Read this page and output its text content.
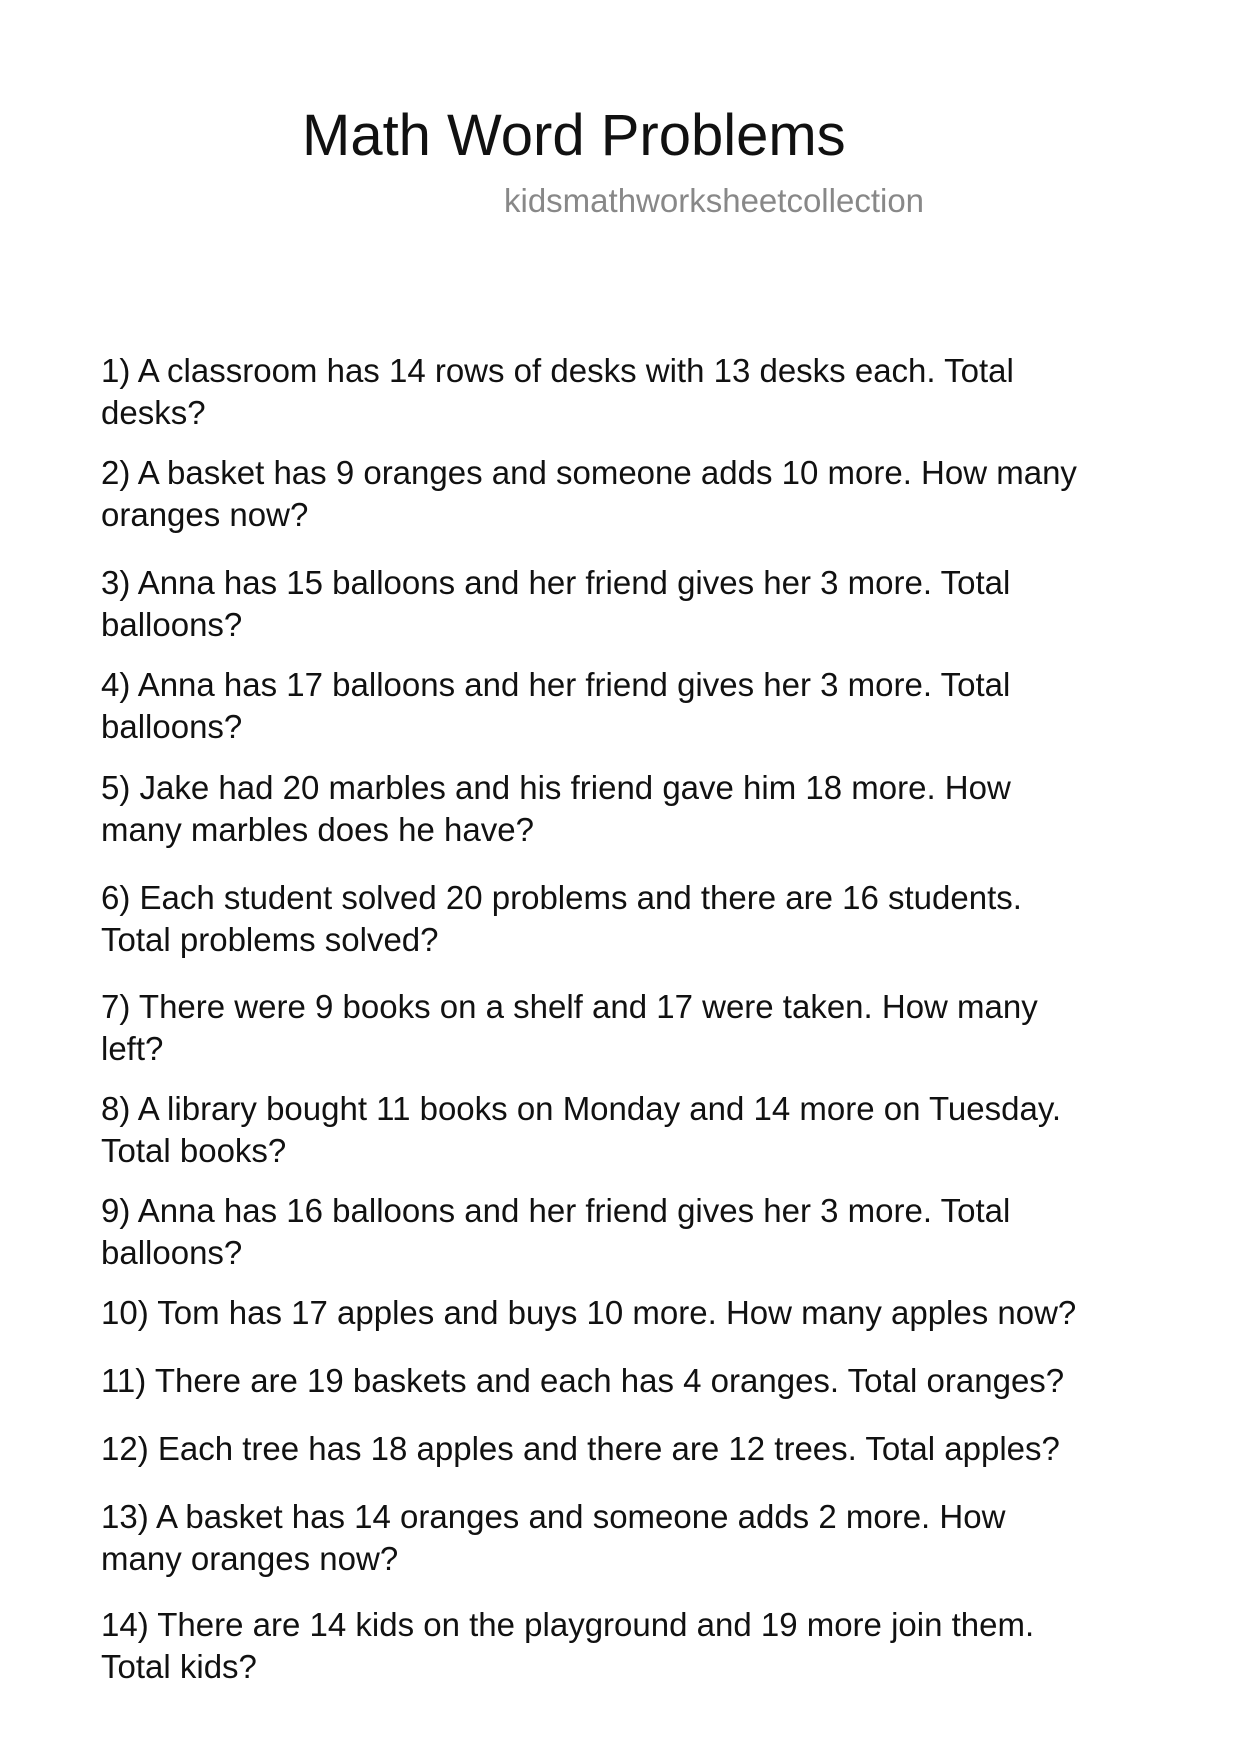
Math Word Problems
kidsmathworksheetcollection
1) A classroom has 14 rows of desks with 13 desks each. Total
desks?
2) A basket has 9 oranges and someone adds 10 more. How many
oranges now?
3) Anna has 15 balloons and her friend gives her 3 more. Total
balloons?
4) Anna has 17 balloons and her friend gives her 3 more. Total
balloons?
5) Jake had 20 marbles and his friend gave him 18 more. How
many marbles does he have?
6) Each student solved 20 problems and there are 16 students.
Total problems solved?
7) There were 9 books on a shelf and 17 were taken. How many
left?
8) A library bought 11 books on Monday and 14 more on Tuesday.
Total books?
9) Anna has 16 balloons and her friend gives her 3 more. Total
balloons?
10) Tom has 17 apples and buys 10 more. How many apples now?
11) There are 19 baskets and each has 4 oranges. Total oranges?
12) Each tree has 18 apples and there are 12 trees. Total apples?
13) A basket has 14 oranges and someone adds 2 more. How
many oranges now?
14) There are 14 kids on the playground and 19 more join them.
Total kids?
